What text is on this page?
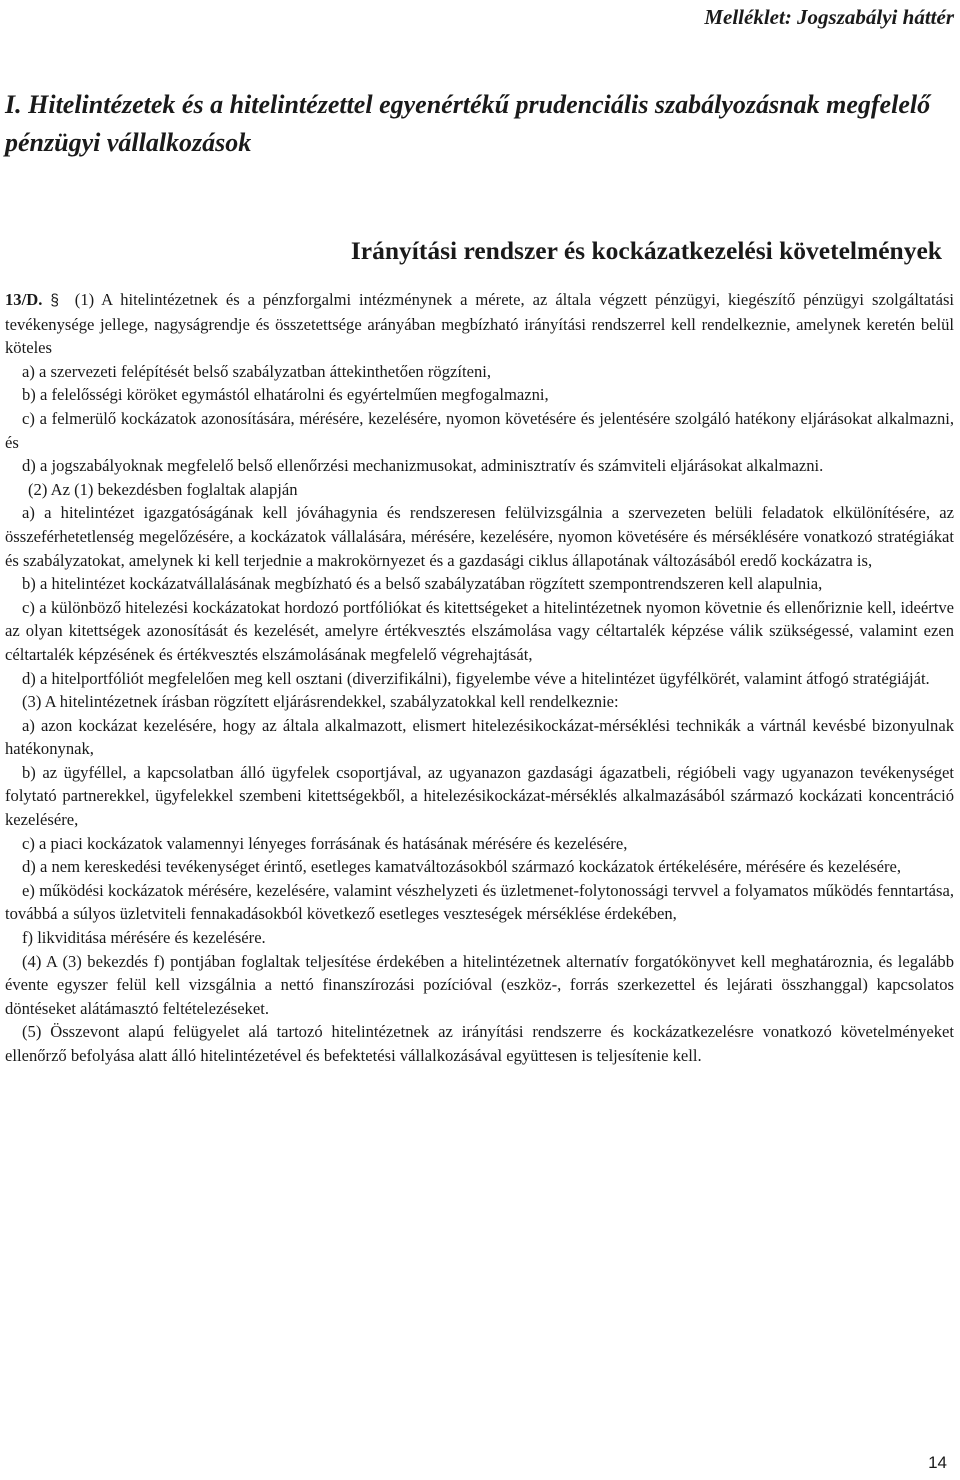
Melléklet: Jogszabályi háttér
I. Hitelintézetek és a hitelintézettel egyenértékű prudenciális szabályozásnak megfelelő pénzügyi vállalkozások
Irányítási rendszer és kockázatkezelési követelmények

13/D. § (1) A hitelintézetnek és a pénzforgalmi intézménynek a mérete, az általa végzett pénzügyi, kiegészítő pénzügyi szolgáltatási tevékenysége jellege, nagyságrendje és összetettsége arányában megbízható irányítási rendszerrel kell rendelkeznie, amelynek keretén belül köteles

a) a szervezeti felépítését belső szabályzatban áttekinthetően rögzíteni,

b) a felelősségi köröket egymástól elhatárolni és egyértelműen megfogalmazni,

c) a felmerülő kockázatok azonosítására, mérésére, kezelésére, nyomon követésére és jelentésére szolgáló hatékony eljárásokat alkalmazni, és

d) a jogszabályoknak megfelelő belső ellenőrzési mechanizmusokat, adminisztratív és számviteli eljárásokat alkalmazni.

(2) Az (1) bekezdésben foglaltak alapján

a) a hitelintézet igazgatóságának kell jóváhagynia és rendszeresen felülvizsgálnia a szervezeten belüli feladatok elkülönítésére, az összeférhetetlenség megelőzésére, a kockázatok vállalására, mérésére, kezelésére, nyomon követésére és mérséklésére vonatkozó stratégiákat és szabályzatokat, amelynek ki kell terjednie a makrokörnyezet és a gazdasági ciklus állapotának változásából eredő kockázatra is,

b) a hitelintézet kockázatvállalásának megbízható és a belső szabályzatában rögzített szempontrendszeren kell alapulnia,

c) a különböző hitelezési kockázatokat hordozó portfóliókat és kitettségeket a hitelintézetnek nyomon követnie és ellenőriznie kell, ideértve az olyan kitettségek azonosítását és kezelését, amelyre értékvesztés elszámolása vagy céltartalék képzése válik szükségessé, valamint ezen céltartalék képzésének és értékvesztés elszámolásának megfelelő végrehajtását,

d) a hitelportfóliót megfelelően meg kell osztani (diverzifikálni), figyelembe véve a hitelintézet ügyfélkörét, valamint átfogó stratégiáját.

(3) A hitelintézetnek írásban rögzített eljárásrendekkel, szabályzatokkal kell rendelkeznie:

a) azon kockázat kezelésére, hogy az általa alkalmazott, elismert hitelezésikockázat-mérséklési technikák a vártnál kevésbé bizonyulnak hatékonynak,

b) az ügyféllel, a kapcsolatban álló ügyfelek csoportjával, az ugyanazon gazdasági ágazatbeli, régióbeli vagy ugyanazon tevékenységet folytató partnerekkel, ügyfelekkel szembeni kitettségekből, a hitelezésikockázat-mérséklés alkalmazásából származó kockázati koncentráció kezelésére,

c) a piaci kockázatok valamennyi lényeges forrásának és hatásának mérésére és kezelésére,

d) a nem kereskedési tevékenységet érintő, esetleges kamatváltozásokból származó kockázatok értékelésére, mérésére és kezelésére,

e) működési kockázatok mérésére, kezelésére, valamint vészhelyzeti és üzletmenet-folytonossági tervvel a folyamatos működés fenntartása, továbbá a súlyos üzletviteli fennakadásokból következő esetleges veszteségek mérséklése érdekében,

f) likviditása mérésére és kezelésére.

(4) A (3) bekezdés f) pontjában foglaltak teljesítése érdekében a hitelintézetnek alternatív forgatókönyvet kell meghatároznia, és legalább évente egyszer felül kell vizsgálnia a nettó finanszírozási pozícióval (eszköz-, forrás szerkezettel és lejárati összhanggal) kapcsolatos döntéseket alátámasztó feltételezéseket.

(5) Összevont alapú felügyelet alá tartozó hitelintézetnek az irányítási rendszerre és kockázatkezelésre vonatkozó követelményeket ellenőrző befolyása alatt álló hitelintézetével és befektetési vállalkozásával együttesen is teljesítenie kell.

14
